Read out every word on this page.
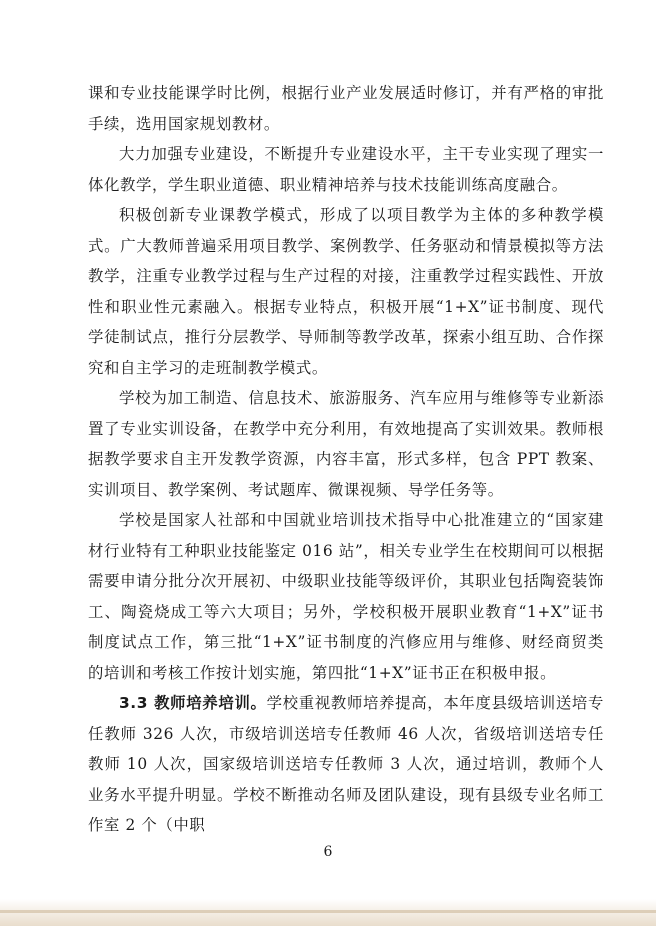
课和专业技能课学时比例，根据行业产业发展适时修订，并有严格的审批手续，选用国家规划教材。

大力加强专业建设，不断提升专业建设水平，主干专业实现了理实一体化教学，学生职业道德、职业精神培养与技术技能训练高度融合。

积极创新专业课教学模式，形成了以项目教学为主体的多种教学模式。广大教师普遍采用项目教学、案例教学、任务驱动和情景模拟等方法教学，注重专业教学过程与生产过程的对接，注重教学过程实践性、开放性和职业性元素融入。根据专业特点，积极开展“1+X”证书制度、现代学徒制试点，推行分层教学、导师制等教学改革，探索小组互助、合作探究和自主学习的走班制教学模式。

学校为加工制造、信息技术、旅游服务、汽车应用与维修等专业新添置了专业实训设备，在教学中充分利用，有效地提高了实训效果。教师根据教学要求自主开发教学资源，内容丰富，形式多样，包含 PPT 教案、实训项目、教学案例、考试题库、微课视频、导学任务等。

学校是国家人社部和中国就业培训技术指导中心批准建立的“国家建材行业特有工种职业技能鉴定 016 站”，相关专业学生在校期间可以根据需要申请分批分次开展初、中级职业技能等级评价，其职业包括陶瓷装饰工、陶瓷烧成工等六大项目；另外，学校积极开展职业教育“1+X”证书制度试点工作，第三批“1+X”证书制度的汽修应用与维修、财经商贸类的培训和考核工作按计划实施，第四批“1+X”证书正在积极申报。

3.3 教师培养培训。学校重视教师培养提高，本年度县级培训送培专任教师 326 人次，市级培训送培专任教师 46 人次，省级培训送培专任教师 10 人次，国家级培训送培专任教师 3 人次，通过培训，教师个人业务水平提升明显。学校不断推动名师及团队建设，现有县级专业名师工作室 2 个（中职

6
